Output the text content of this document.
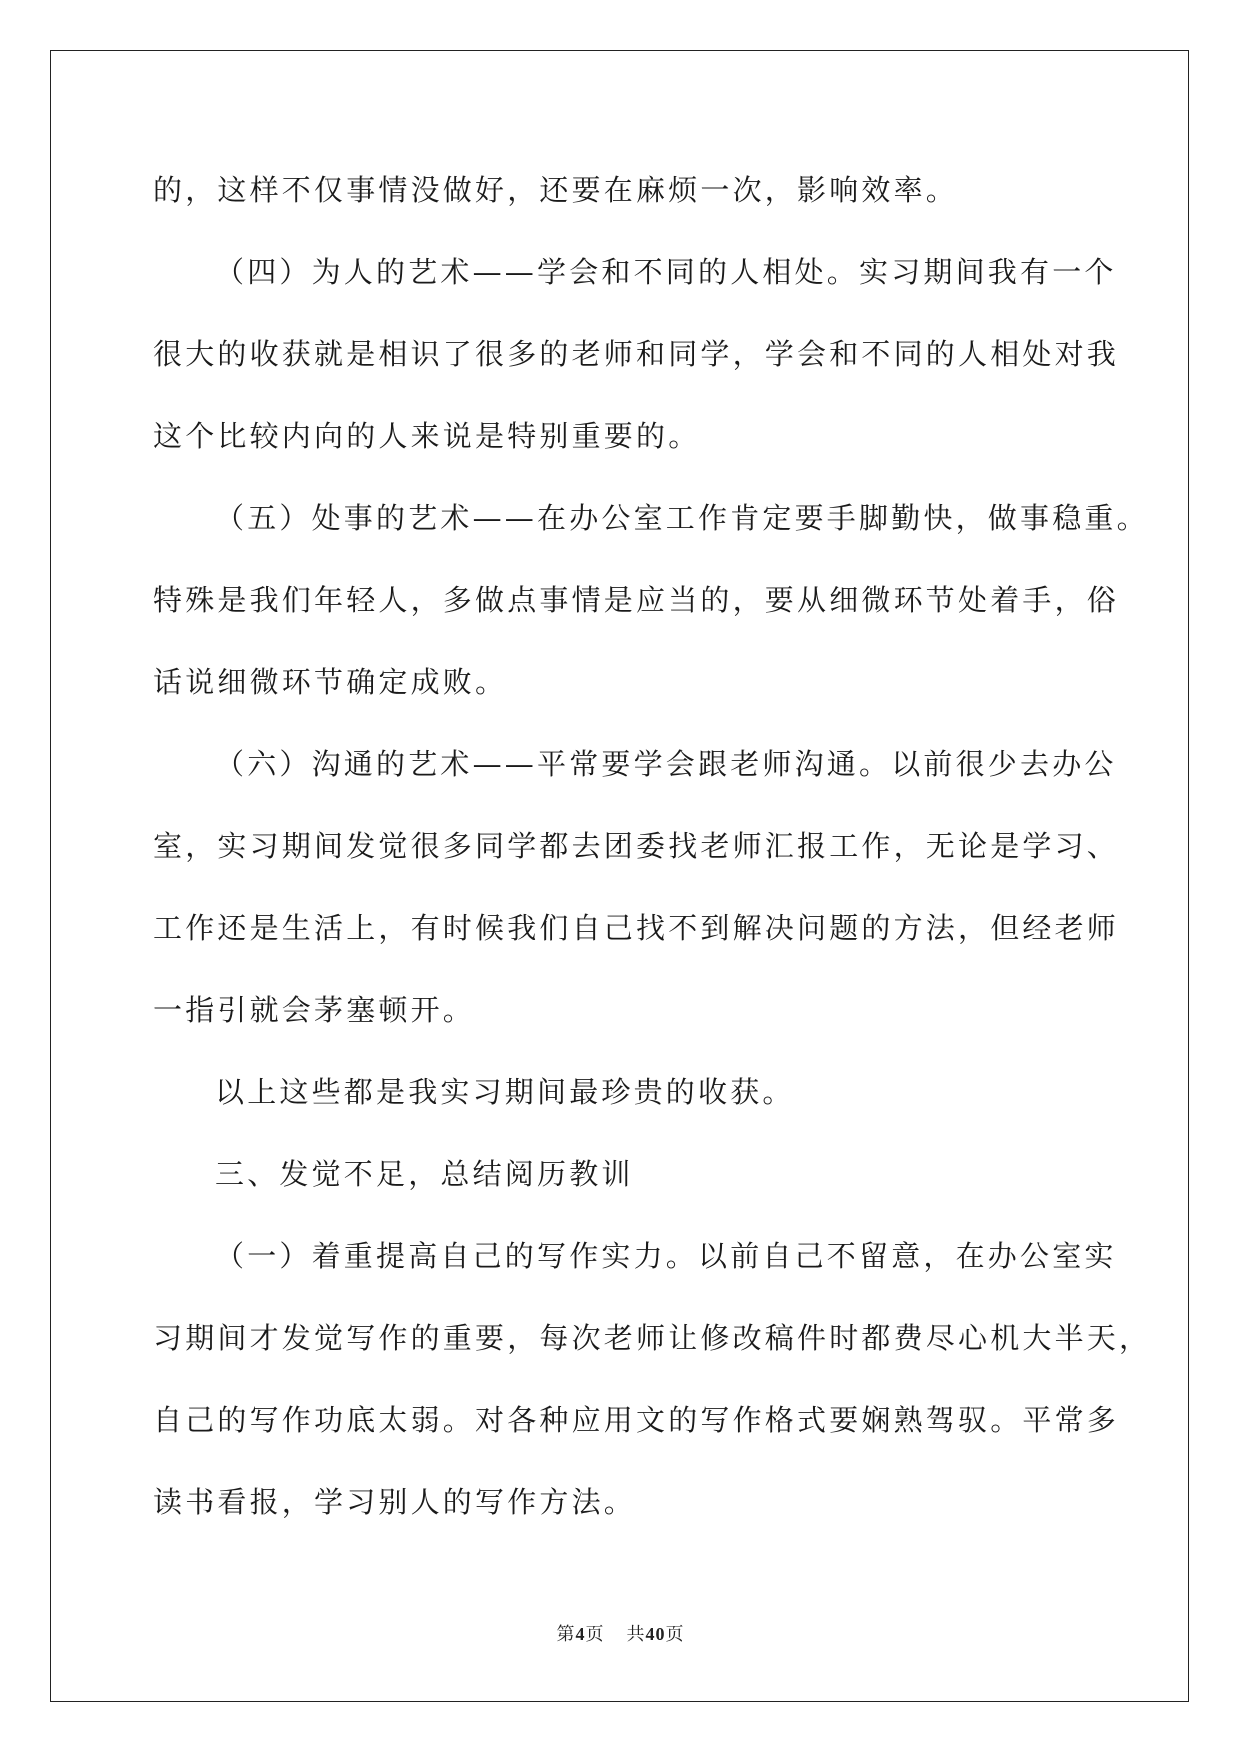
的，这样不仅事情没做好，还要在麻烦一次，影响效率。
（四）为人的艺术——学会和不同的人相处。实习期间我有一个
很大的收获就是相识了很多的老师和同学，学会和不同的人相处对我
这个比较内向的人来说是特别重要的。
（五）处事的艺术——在办公室工作肯定要手脚勤快，做事稳重。
特殊是我们年轻人，多做点事情是应当的，要从细微环节处着手，俗
话说细微环节确定成败。
（六）沟通的艺术——平常要学会跟老师沟通。以前很少去办公
室，实习期间发觉很多同学都去团委找老师汇报工作，无论是学习、
工作还是生活上，有时候我们自己找不到解决问题的方法，但经老师
一指引就会茅塞顿开。
以上这些都是我实习期间最珍贵的收获。
三、发觉不足，总结阅历教训
（一）着重提高自己的写作实力。以前自己不留意，在办公室实
习期间才发觉写作的重要，每次老师让修改稿件时都费尽心机大半天，
自己的写作功底太弱。对各种应用文的写作格式要娴熟驾驭。平常多
读书看报，学习别人的写作方法。
第4页 共40页
